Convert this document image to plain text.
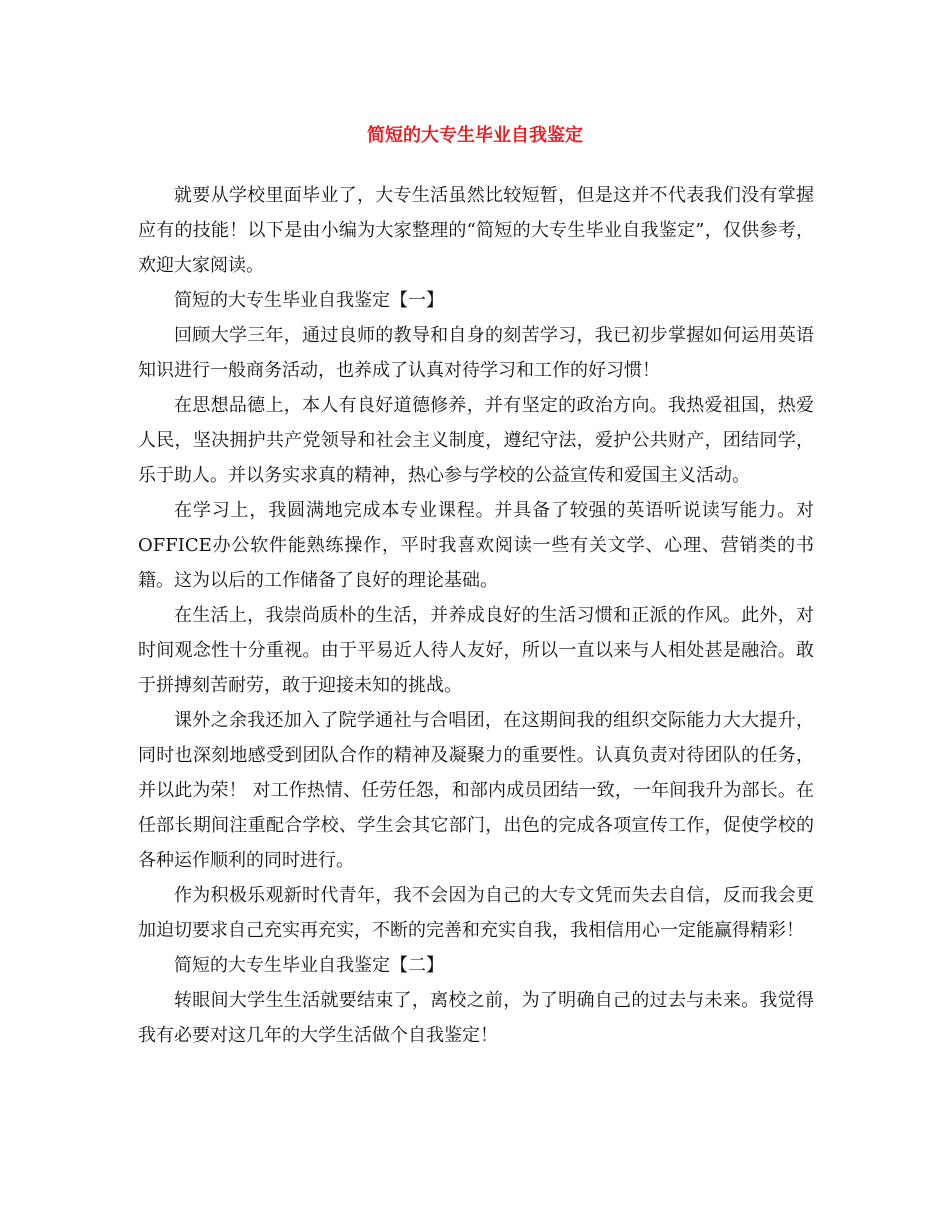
简短的大专生毕业自我鉴定

就要从学校里面毕业了，大专生活虽然比较短暂，但是这并不代表我们没有掌握应有的技能！以下是由小编为大家整理的“简短的大专生毕业自我鉴定”，仅供参考，欢迎大家阅读。

简短的大专生毕业自我鉴定【一】

回顾大学三年，通过良师的教导和自身的刻苦学习，我已初步掌握如何运用英语知识进行一般商务活动，也养成了认真对待学习和工作的好习惯！

在思想品德上，本人有良好道德修养，并有坚定的政治方向。我热爱祖国，热爱人民，坚决拥护共产党领导和社会主义制度，遵纪守法，爱护公共财产，团结同学，乐于助人。并以务实求真的精神，热心参与学校的公益宣传和爱国主义活动。

在学习上，我圆满地完成本专业课程。并具备了较强的英语听说读写能力。对OFFICE办公软件能熟练操作，平时我喜欢阅读一些有关文学、心理、营销类的书籍。这为以后的工作储备了良好的理论基础。

在生活上，我崇尚质朴的生活，并养成良好的生活习惯和正派的作风。此外，对时间观念性十分重视。由于平易近人待人友好，所以一直以来与人相处甚是融洽。敢于拼搏刻苦耐劳，敢于迎接未知的挑战。

课外之余我还加入了院学通社与合唱团，在这期间我的组织交际能力大大提升，同时也深刻地感受到团队合作的精神及凝聚力的重要性。认真负责对待团队的任务，并以此为荣！ 对工作热情、任劳任怨，和部内成员团结一致，一年间我升为部长。在任部长期间注重配合学校、学生会其它部门，出色的完成各项宣传工作，促使学校的各种运作顺利的同时进行。

作为积极乐观新时代青年，我不会因为自己的大专文凭而失去自信，反而我会更加迫切要求自己充实再充实，不断的完善和充实自我，我相信用心一定能赢得精彩！

简短的大专生毕业自我鉴定【二】

转眼间大学生生活就要结束了，离校之前，为了明确自己的过去与未来。我觉得我有必要对这几年的大学生活做个自我鉴定！
